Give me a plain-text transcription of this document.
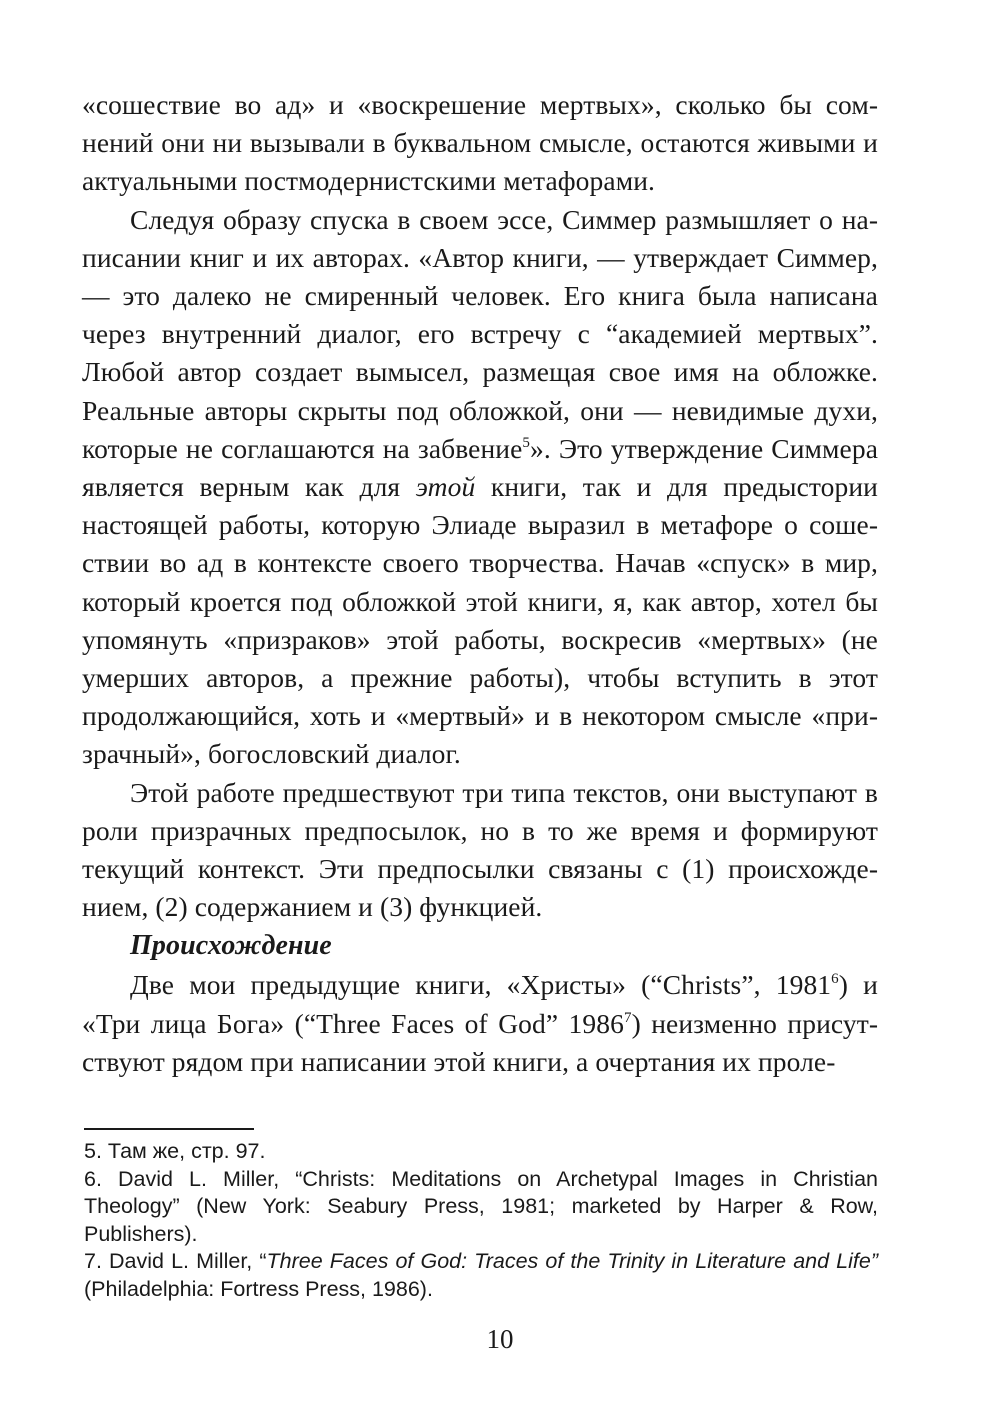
«сошествие во ад» и «воскрешение мертвых», сколько бы сомнений они ни вызывали в буквальном смысле, остаются живыми и актуальными постмодернистскими метафорами.

Следуя образу спуска в своем эссе, Симмер размышляет о написании книг и их авторах. «Автор книги, — утверждает Симмер, — это далеко не смиренный человек. Его книга была написана через внутренний диалог, его встречу с “академией мертвых”. Любой автор создает вымысел, размещая свое имя на обложке. Реальные авторы скрыты под обложкой, они — невидимые духи, которые не соглашаются на забвение$^5$». Это утверждение Симмера является верным как для этой книги, так и для предыстории настоящей работы, которую Элиаде выразил в метафоре о сошествии во ад в контексте своего творчества. Начав «спуск» в мир, который кроется под обложкой этой книги, я, как автор, хотел бы упомянуть «призраков» этой работы, воскресив «мертвых» (не умерших авторов, а прежние работы), чтобы вступить в этот продолжающийся, хоть и «мертвый» и в некотором смысле «призрачный», богословский диалог.

Этой работе предшествуют три типа текстов, они выступают в роли призрачных предпосылок, но в то же время и формируют текущий контекст. Эти предпосылки связаны с (1) происхождением, (2) содержанием и (3) функцией.

Происхождение

Две мои предыдущие книги, «Христы» (“Christs”, 1981$^6$) и «Три лица Бога» (“Three Faces of God” 1986$^7$) неизменно присутствуют рядом при написании этой книги, а очертания их проле-

5. Там же, стр. 97.

6. David L. Miller, “Christs: Meditations on Archetypal Images in Christian Theology” (New York: Seabury Press, 1981; marketed by Harper & Row, Publishers).

7. David L. Miller, “Three Faces of God: Traces of the Trinity in Literature and Life” (Philadelphia: Fortress Press, 1986).

10
